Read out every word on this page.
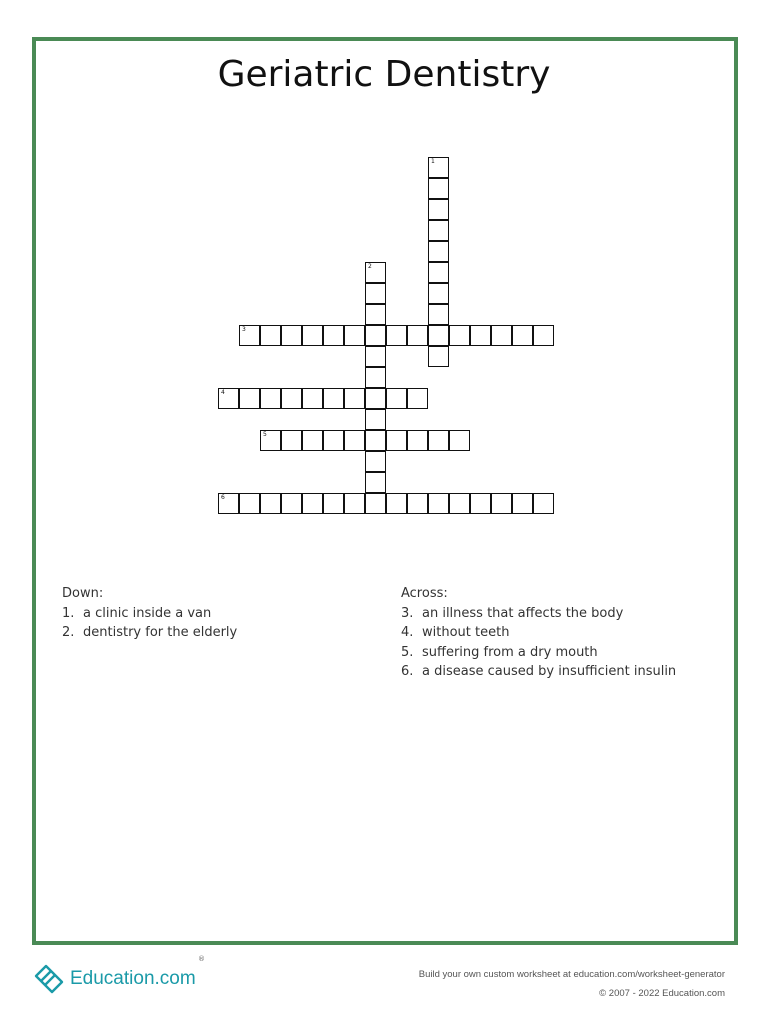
Geriatric Dentistry
1
2
3
4
5
6
Down:
1. a clinic inside a van
2. dentistry for the elderly
Across:
3. an illness that affects the body
4. without teeth
5. suffering from a dry mouth
6. a disease caused by insufficient insulin
Education.com
®
Build your own custom worksheet at education.com/worksheet-generator
© 2007 - 2022 Education.com
